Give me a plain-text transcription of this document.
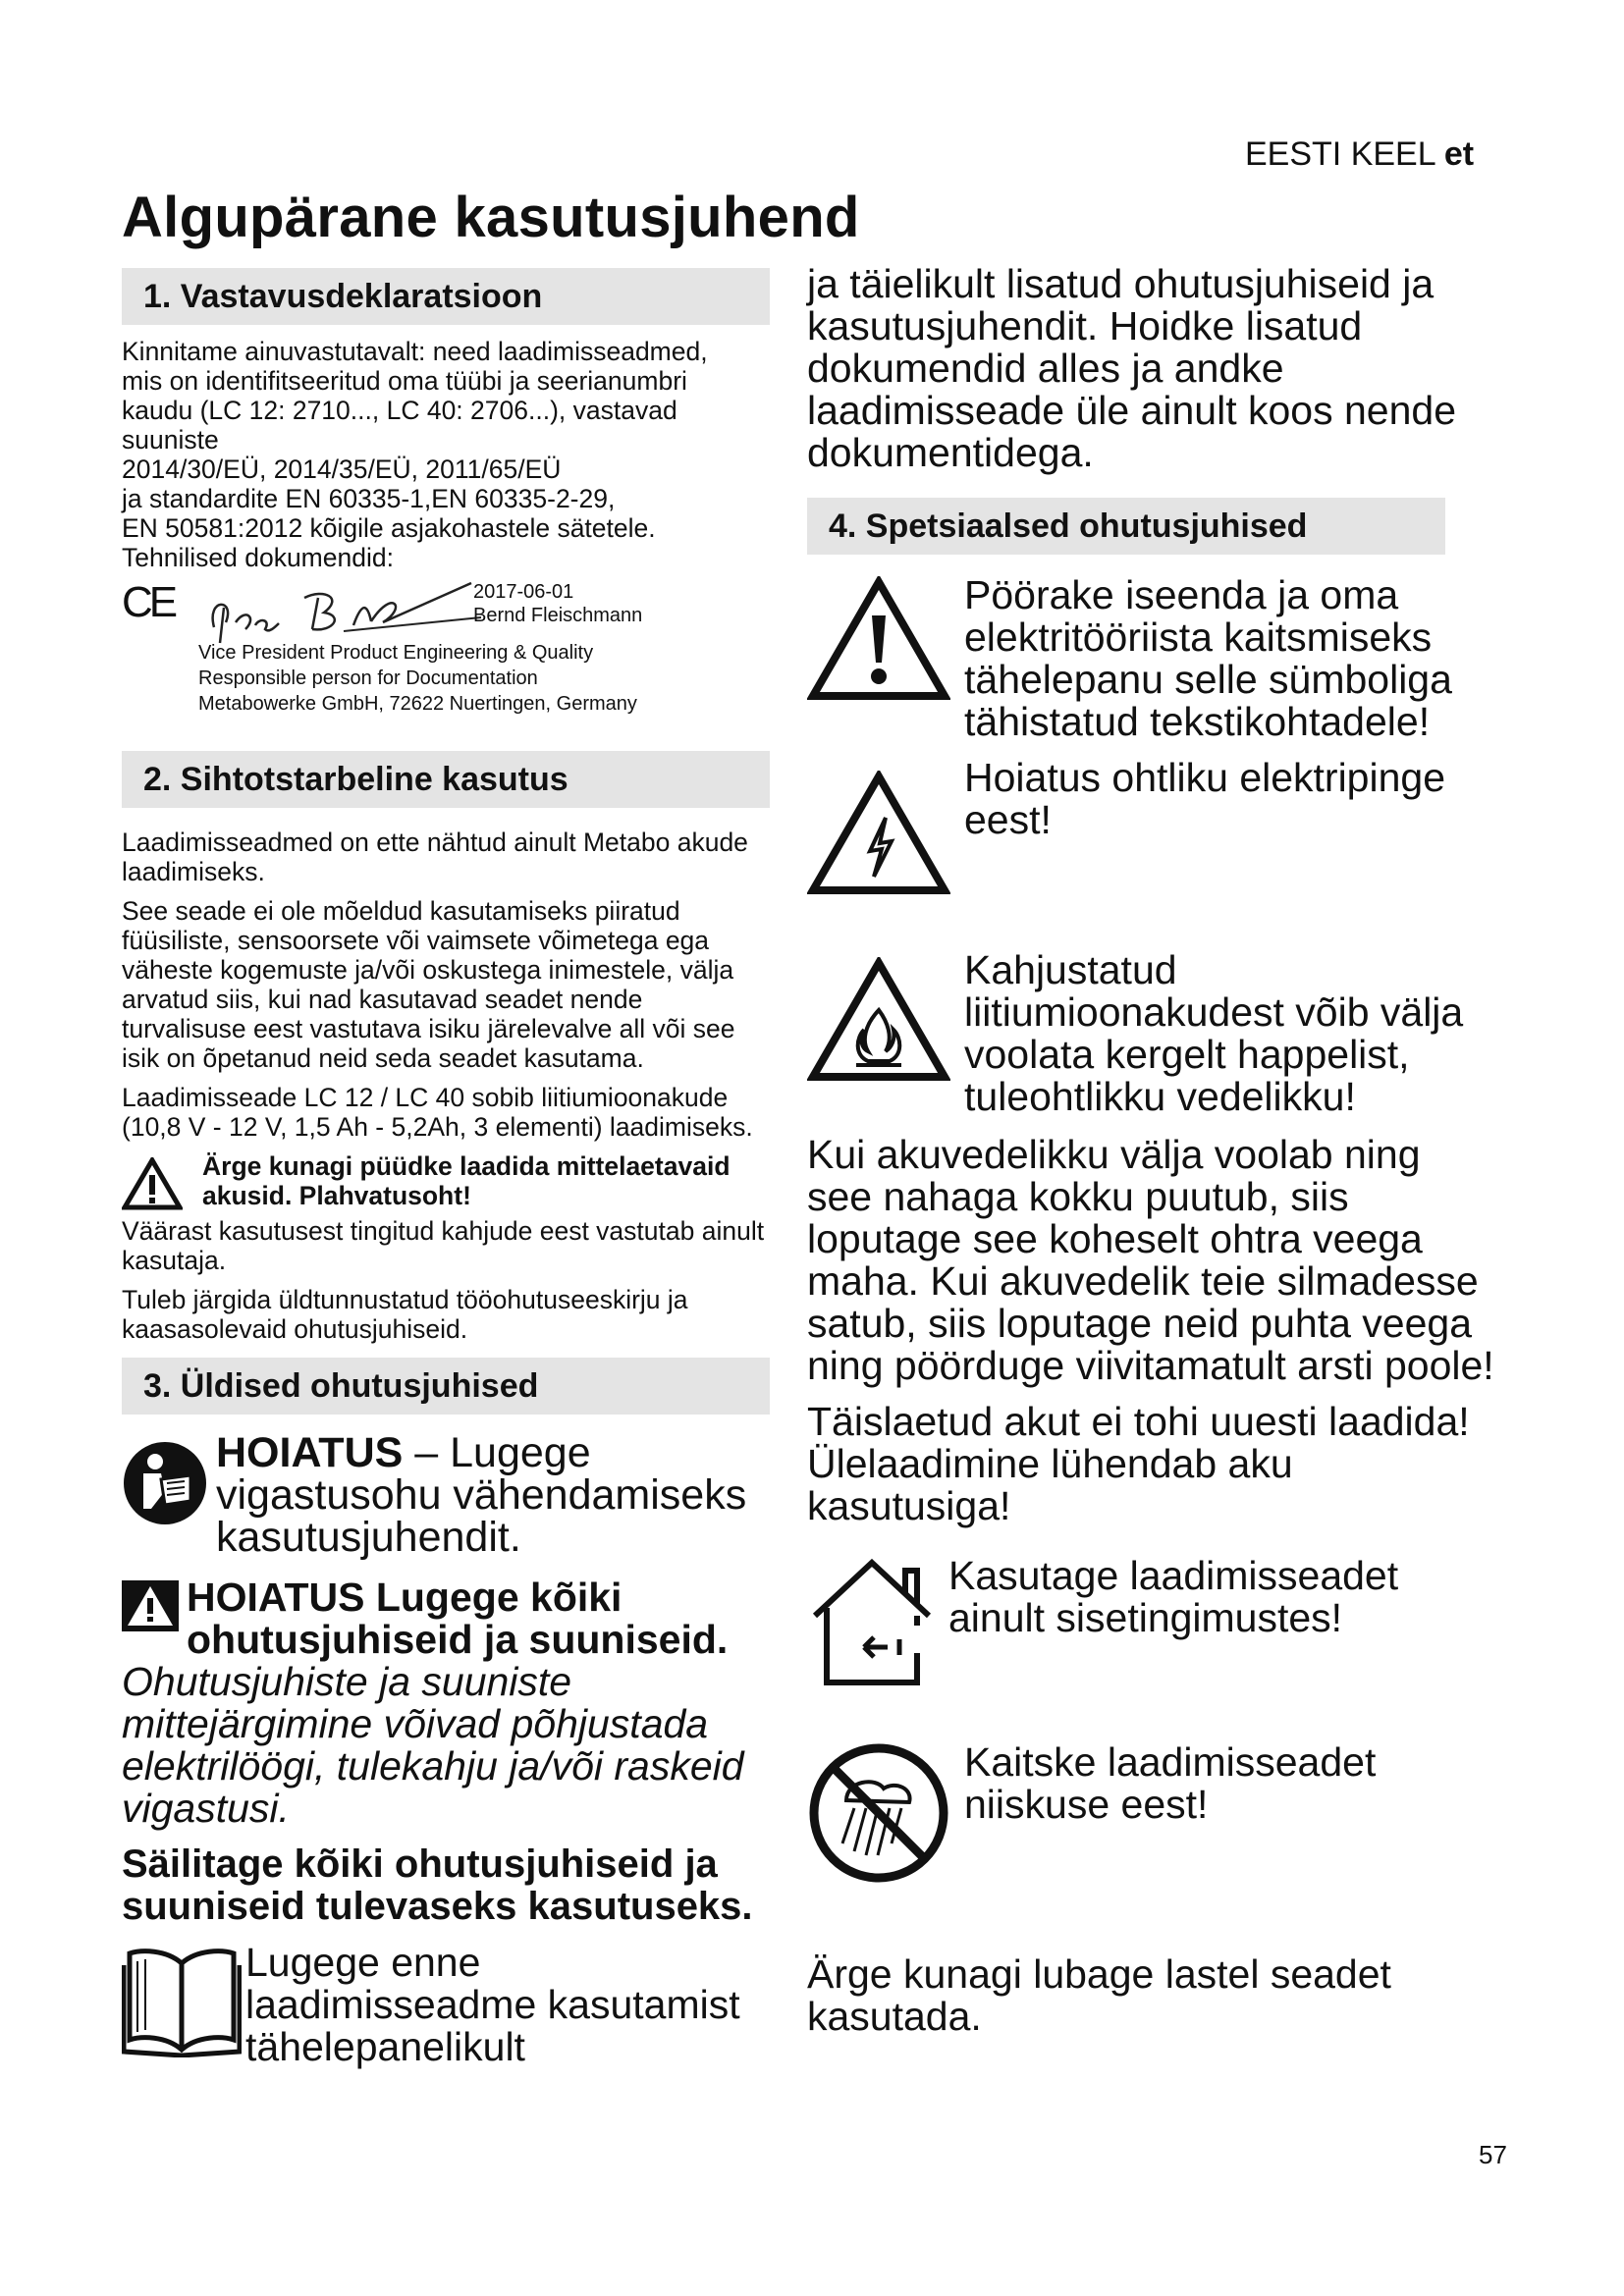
EESTI KEEL et
Algupärane kasutusjuhend
1. Vastavusdeklaratsioon
Kinnitame ainuvastutavalt: need laadimisseadmed,
mis on identifitseeritud oma tüübi ja seerianumbri
kaudu (LC 12: 2710..., LC 40: 2706...), vastavad
suuniste
2014/30/EÜ, 2014/35/EÜ, 2011/65/EÜ
ja standardite EN 60335-1,EN 60335-2-29,
EN 50581:2012 kõigile asjakohastele sätetele.
Tehnilised dokumendid:
CE	2017-06-01
Bernd Fleischmann
Vice President Product Engineering & Quality
Responsible person for Documentation
Metabowerke GmbH, 72622 Nuertingen, Germany
2. Sihtotstarbeline kasutus

Laadimisseadmed on ette nähtud ainult Metabo akude laadimiseks.

See seade ei ole mõeldud kasutamiseks piiratud füüsiliste, sensoorsete või vaimsete võimetega ega väheste kogemuste ja/või oskustega inimestele, välja arvatud siis, kui nad kasutavad seadet nende turvalisuse eest vastutava isiku järelevalve all või see isik on õpetanud neid seda seadet kasutama.

Laadimisseade LC 12 / LC 40 sobib liitiumioonakude (10,8 V - 12 V, 1,5 Ah - 5,2Ah, 3 elementi) laadimiseks.

Ärge kunagi püüdke laadida mittelaetavaid akusid. Plahvatusoht!

Väärast kasutusest tingitud kahjude eest vastutab ainult kasutaja.

Tuleb järgida üldtunnustatud tööohutuseeskirju ja kaasasolevaid ohutusjuhiseid.

3. Üldised ohutusjuhised
HOIATUS – Lugege vigastusohu vähendamiseks kasutusjuhendit.
HOIATUS Lugege kõiki ohutusjuhiseid ja suuniseid.
Ohutusjuhiste ja suuniste mittejärgimine võivad põhjustada elektrilöögi, tulekahju ja/või raskeid vigastusi.
Säilitage kõiki ohutusjuhiseid ja suuniseid tulevaseks kasutuseks.
Lugege enne laadimisseadme kasutamist tähelepanelikult
ja täielikult lisatud ohutusjuhiseid ja kasutusjuhendit. Hoidke lisatud dokumendid alles ja andke laadimisseade üle ainult koos nende dokumentidega.
4. Spetsiaalsed ohutusjuhised
Pöörake iseenda ja oma elektritööriista kaitsmiseks tähelepanu selle sümboliga tähistatud tekstikohtadele!
Hoiatus ohtliku elektripinge eest!
Kahjustatud liitiumioonakudest võib välja voolata kergelt happelist, tuleohtlikku vedelikku!
Kui akuvedelikku välja voolab ning see nahaga kokku puutub, siis loputage see koheselt ohtra veega maha. Kui akuvedelik teie silmadesse satub, siis loputage neid puhta veega ning pöörduge viivitamatult arsti poole!
Täislaetud akut ei tohi uuesti laadida! Ülelaadimine lühendab aku kasutusiga!
Kasutage laadimisseadet ainult sisetingimustes!
Kaitske laadimisseadet niiskuse eest!
Ärge kunagi lubage lastel seadet kasutada.
57
